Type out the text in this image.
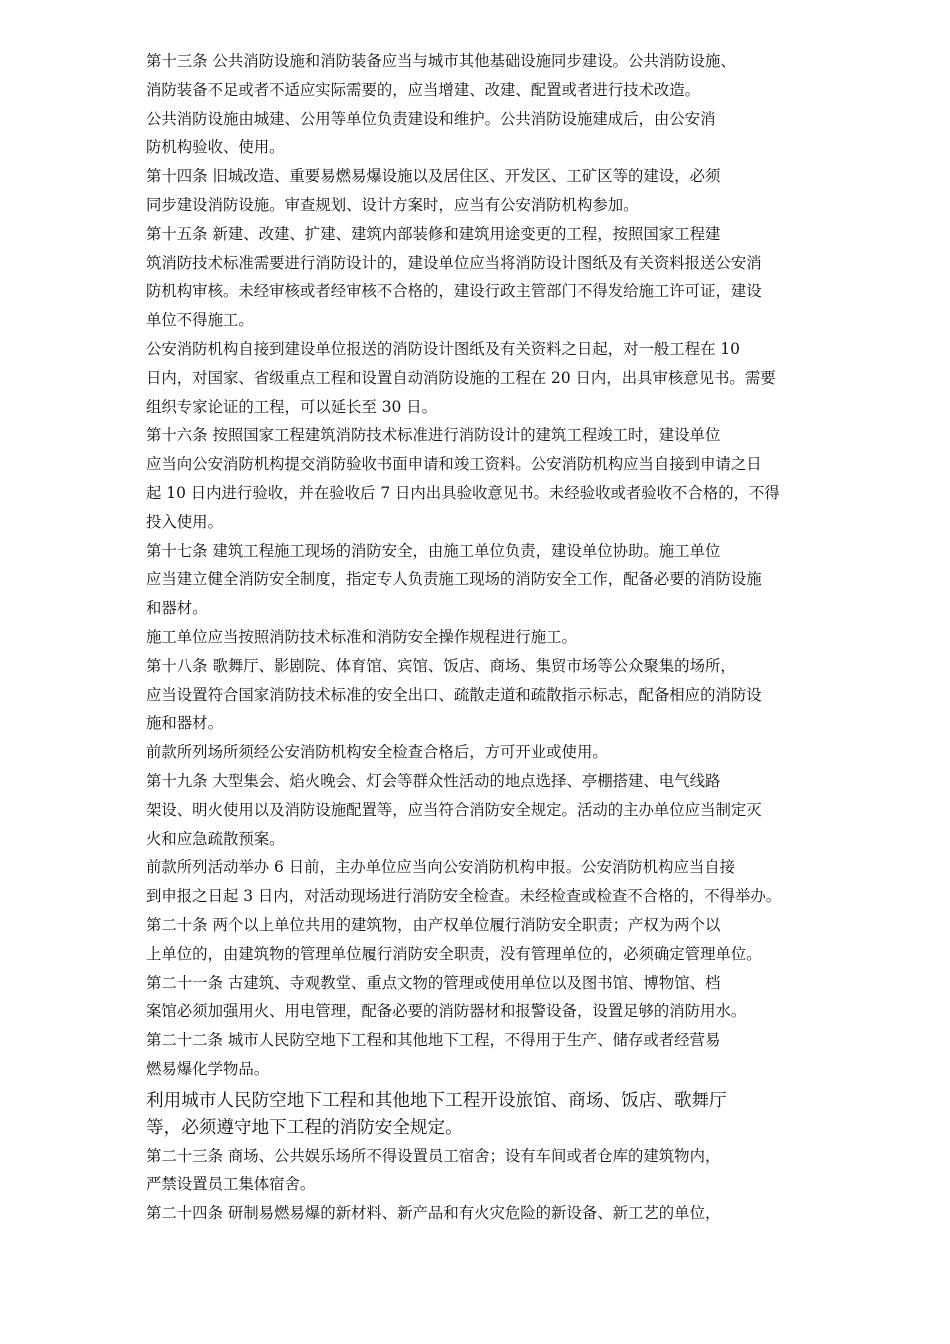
第十三条 公共消防设施和消防装备应当与城市其他基础设施同步建设。公共消防设施、
消防装备不足或者不适应实际需要的，应当增建、改建、配置或者进行技术改造。
公共消防设施由城建、公用等单位负责建设和维护。公共消防设施建成后，由公安消
防机构验收、使用。
第十四条 旧城改造、重要易燃易爆设施以及居住区、开发区、工矿区等的建设，必须
同步建设消防设施。审查规划、设计方案时，应当有公安消防机构参加。
第十五条 新建、改建、扩建、建筑内部装修和建筑用途变更的工程，按照国家工程建
筑消防技术标准需要进行消防设计的，建设单位应当将消防设计图纸及有关资料报送公安消
防机构审核。未经审核或者经审核不合格的，建设行政主管部门不得发给施工许可证，建设
单位不得施工。
公安消防机构自接到建设单位报送的消防设计图纸及有关资料之日起，对一般工程在 10
日内，对国家、省级重点工程和设置自动消防设施的工程在 20 日内，出具审核意见书。需要
组织专家论证的工程，可以延长至 30 日。
第十六条 按照国家工程建筑消防技术标准进行消防设计的建筑工程竣工时，建设单位
应当向公安消防机构提交消防验收书面申请和竣工资料。公安消防机构应当自接到申请之日
起 10 日内进行验收，并在验收后 7 日内出具验收意见书。未经验收或者验收不合格的，不得
投入使用。
第十七条 建筑工程施工现场的消防安全，由施工单位负责，建设单位协助。施工单位
应当建立健全消防安全制度，指定专人负责施工现场的消防安全工作，配备必要的消防设施
和器材。
施工单位应当按照消防技术标准和消防安全操作规程进行施工。
第十八条 歌舞厅、影剧院、体育馆、宾馆、饭店、商场、集贸市场等公众聚集的场所，
应当设置符合国家消防技术标准的安全出口、疏散走道和疏散指示标志，配备相应的消防设
施和器材。
前款所列场所须经公安消防机构安全检查合格后，方可开业或使用。
第十九条 大型集会、焰火晚会、灯会等群众性活动的地点选择、亭棚搭建、电气线路
架设、明火使用以及消防设施配置等，应当符合消防安全规定。活动的主办单位应当制定灭
火和应急疏散预案。
前款所列活动举办 6 日前，主办单位应当向公安消防机构申报。公安消防机构应当自接
到申报之日起 3 日内，对活动现场进行消防安全检查。未经检查或检查不合格的，不得举办。
第二十条 两个以上单位共用的建筑物，由产权单位履行消防安全职责；产权为两个以
上单位的，由建筑物的管理单位履行消防安全职责，没有管理单位的，必须确定管理单位。
第二十一条 古建筑、寺观教堂、重点文物的管理或使用单位以及图书馆、博物馆、档
案馆必须加强用火、用电管理，配备必要的消防器材和报警设备，设置足够的消防用水。
第二十二条 城市人民防空地下工程和其他地下工程，不得用于生产、储存或者经营易
燃易爆化学物品。
利用城市人民防空地下工程和其他地下工程开设旅馆、商场、饭店、歌舞厅
等，必须遵守地下工程的消防安全规定。
第二十三条 商场、公共娱乐场所不得设置员工宿舍；设有车间或者仓库的建筑物内，
严禁设置员工集体宿舍。
第二十四条 研制易燃易爆的新材料、新产品和有火灾危险的新设备、新工艺的单位，
